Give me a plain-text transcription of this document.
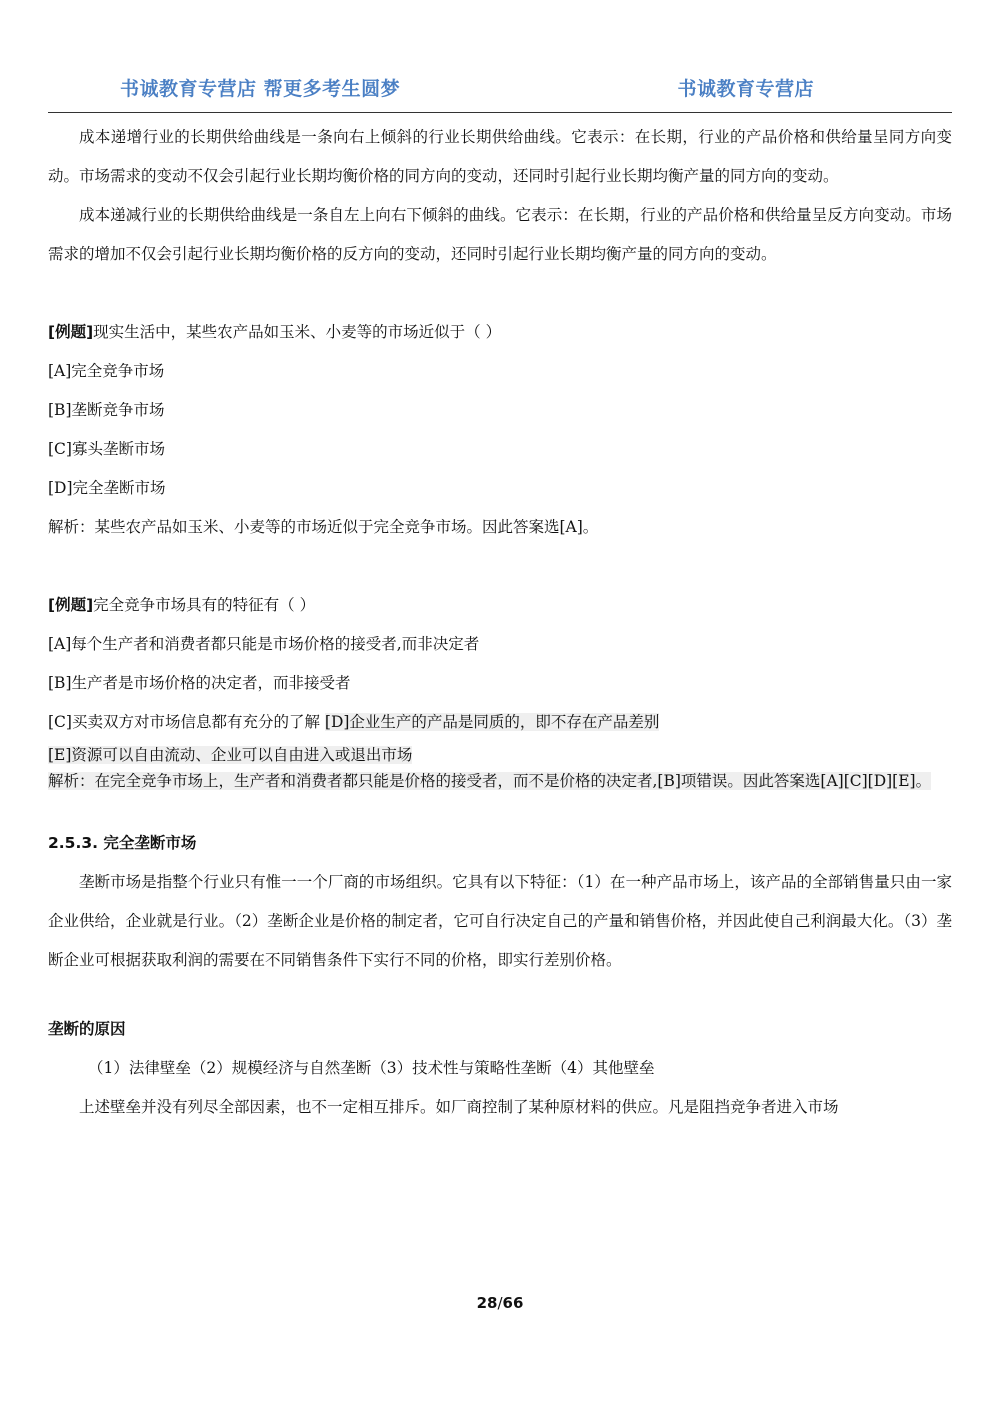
书诚教育专营店 帮更多考生圆梦	书诚教育专营店

成本递增行业的长期供给曲线是一条向右上倾斜的行业长期供给曲线。它表示：在长期，行业的产品价格和供给量呈同方向变动。市场需求的变动不仅会引起行业长期均衡价格的同方向的变动，还同时引起行业长期均衡产量的同方向的变动。

成本递减行业的长期供给曲线是一条自左上向右下倾斜的曲线。它表示：在长期，行业的产品价格和供给量呈反方向变动。市场需求的增加不仅会引起行业长期均衡价格的反方向的变动，还同时引起行业长期均衡产量的同方向的变动。

[例题]现实生活中，某些农产品如玉米、小麦等的市场近似于（ ）

[A]完全竞争市场

[B]垄断竞争市场

[C]寡头垄断市场

[D]完全垄断市场

解析：某些农产品如玉米、小麦等的市场近似于完全竞争市场。因此答案选[A]。

[例题]完全竞争市场具有的特征有（ ）

[A]每个生产者和消费者都只能是市场价格的接受者,而非决定者

[B]生产者是市场价格的决定者，而非接受者

[C]买卖双方对市场信息都有充分的了解 [D]企业生产的产品是同质的，即不存在产品差别

[E]资源可以自由流动、企业可以自由进入或退出市场

解析：在完全竞争市场上，生产者和消费者都只能是价格的接受者，而不是价格的决定者,[B]项错误。因此答案选[A][C][D][E]。

2.5.3. 完全垄断市场

垄断市场是指整个行业只有惟一一个厂商的市场组织。它具有以下特征：（1）在一种产品市场上，该产品的全部销售量只由一家企业供给，企业就是行业。（2）垄断企业是价格的制定者，它可自行决定自己的产量和销售价格，并因此使自己利润最大化。（3）垄断企业可根据获取利润的需要在不同销售条件下实行不同的价格，即实行差别价格。

垄断的原因

（1）法律壁垒（2）规模经济与自然垄断（3）技术性与策略性垄断（4）其他壁垒

上述壁垒并没有列尽全部因素，也不一定相互排斥。如厂商控制了某种原材料的供应。凡是阻挡竞争者进入市场

28/66
